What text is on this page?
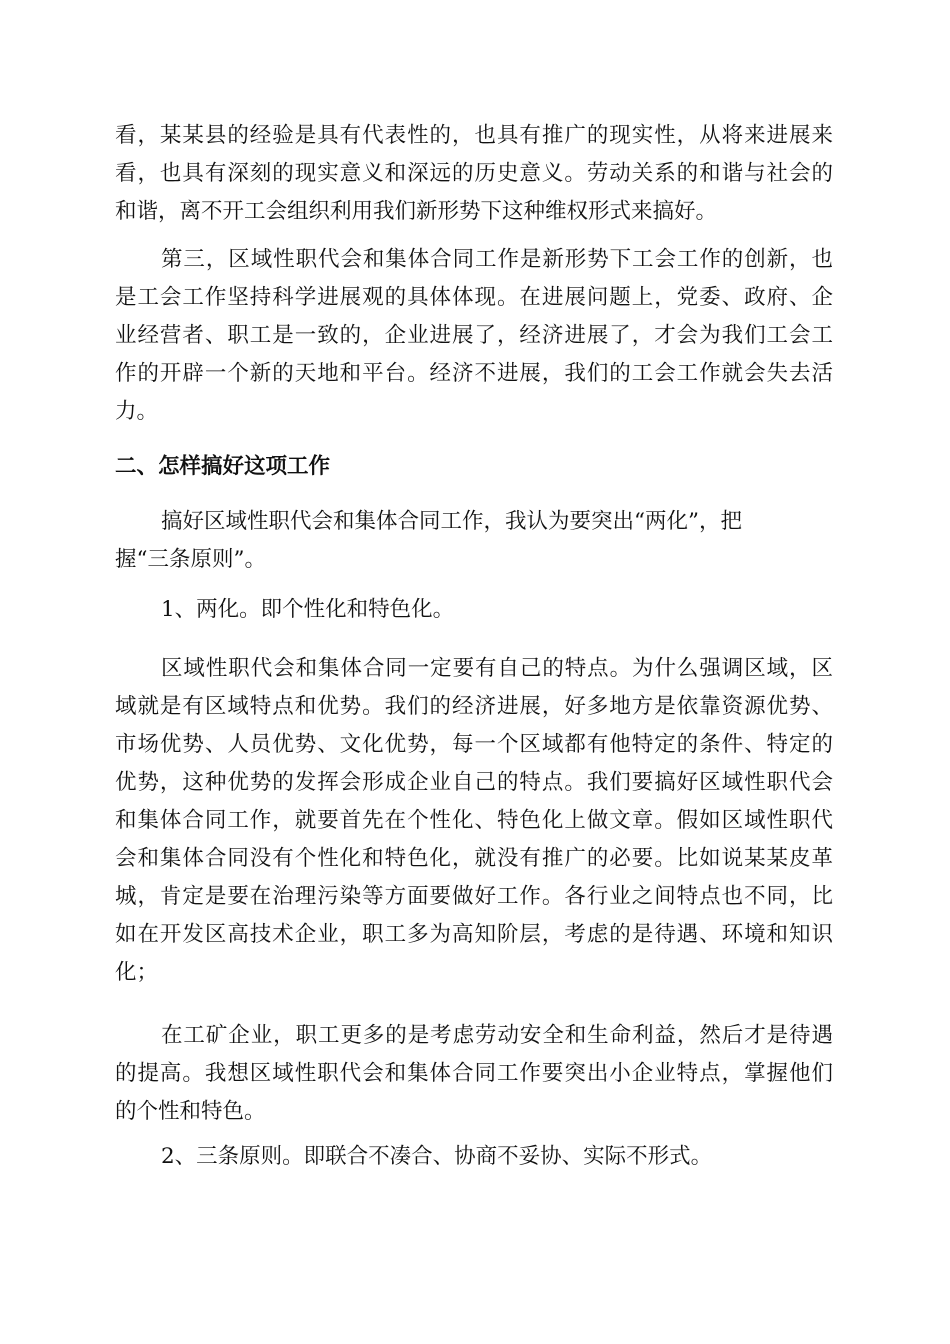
看，某某县的经验是具有代表性的，也具有推广的现实性，从将来进展来
看，也具有深刻的现实意义和深远的历史意义。劳动关系的和谐与社会的
和谐，离不开工会组织利用我们新形势下这种维权形式来搞好。

第三，区域性职代会和集体合同工作是新形势下工会工作的创新，也
是工会工作坚持科学进展观的具体体现。在进展问题上，党委、政府、企
业经营者、职工是一致的，企业进展了，经济进展了，才会为我们工会工
作的开辟一个新的天地和平台。经济不进展，我们的工会工作就会失去活
力。

二、怎样搞好这项工作

搞好区域性职代会和集体合同工作，我认为要突出“两化”，把
握“三条原则”。

1、两化。即个性化和特色化。

区域性职代会和集体合同一定要有自己的特点。为什么强调区域，区
域就是有区域特点和优势。我们的经济进展，好多地方是依靠资源优势、
市场优势、人员优势、文化优势，每一个区域都有他特定的条件、特定的
优势，这种优势的发挥会形成企业自己的特点。我们要搞好区域性职代会
和集体合同工作，就要首先在个性化、特色化上做文章。假如区域性职代
会和集体合同没有个性化和特色化，就没有推广的必要。比如说某某皮革
城，肯定是要在治理污染等方面要做好工作。各行业之间特点也不同，比
如在开发区高技术企业，职工多为高知阶层，考虑的是待遇、环境和知识
化；

在工矿企业，职工更多的是考虑劳动安全和生命利益，然后才是待遇
的提高。我想区域性职代会和集体合同工作要突出小企业特点，掌握他们
的个性和特色。

2、三条原则。即联合不凑合、协商不妥协、实际不形式。
